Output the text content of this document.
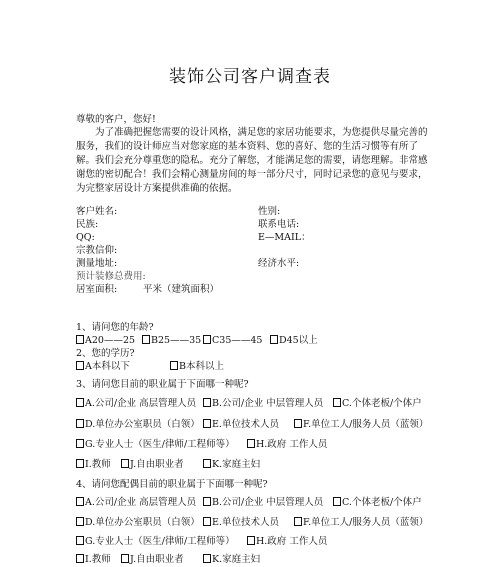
装饰公司客户调查表
尊敬的客户，您好!
为了准确把握您需要的设计风格，满足您的家居功能要求，为您提供尽量完善的服务，我们的设计师应当对您家庭的基本资料、您的喜好、您的生活习惯等有所了解。我们会充分尊重您的隐私。充分了解您，才能满足您的需要，请您理解。非常感谢您的密切配合！我们会精心测量房间的每一部分尺寸，同时记录您的意见与要求，为完整家居设计方案提供准确的依据。
客户姓名:	性别:
民族:	联系电话:
QQ:	E—MAIL：
宗教信仰:
测量地址:	经济水平:
预计装修总费用:
居室面积:	平米（建筑面积）
1、请问您的年龄?
A20——25	B25——35	C35——45	D45以上
2、您的学历?
A本科以下	B本科以上
3、请问您目前的职业属于下面哪一种呢?
A.公司/企业 高层管理人员	B.公司/企业 中层管理人员	C.个体老板/个体户
D.单位办公室职员（白领）	E.单位技术人员	F.单位工人/服务人员（蓝领）
G.专业人士（医生/律师/工程师等）	H.政府 工作人员
I.教师	J.自由职业者	K.家庭主妇
4、请问您配偶目前的职业属于下面哪一种呢?
A.公司/企业 高层管理人员	B.公司/企业 中层管理人员	C.个体老板/个体户
D.单位办公室职员（白领）	E.单位技术人员	F.单位工人/服务人员（蓝领）
G.专业人士（医生/律师/工程师等）	H.政府 工作人员
I.教师	J.自由职业者	K.家庭主妇
